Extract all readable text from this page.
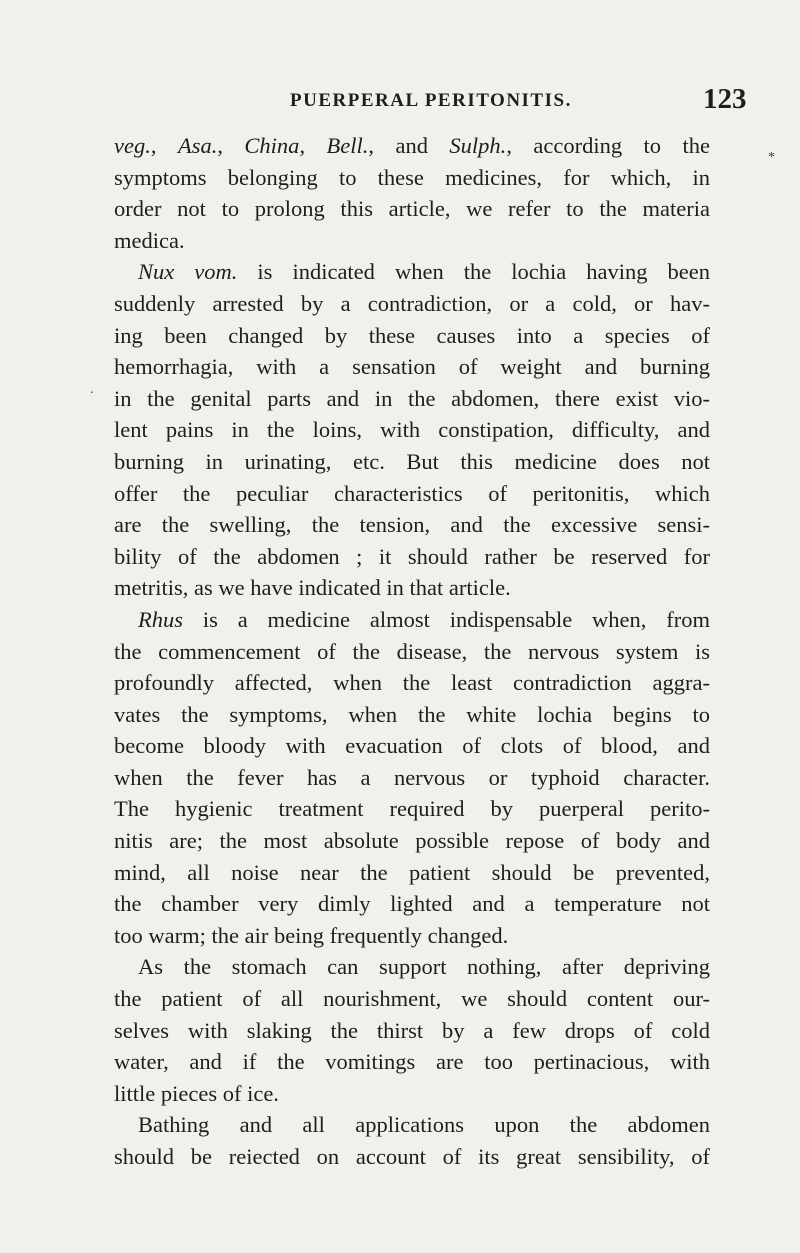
PUERPERAL PERITONITIS.	123
*
.
veg., Asa., China, Bell., and Sulph., according to the
symptoms belonging to these medicines, for which, in
order not to prolong this article, we refer to the materia
medica.
Nux vom. is indicated when the lochia having been
suddenly arrested by a contradiction, or a cold, or hav-
ing been changed by these causes into a species of
hemorrhagia, with a sensation of weight and burning
in the genital parts and in the abdomen, there exist vio-
lent pains in the loins, with constipation, difficulty, and
burning in urinating, etc. But this medicine does not
offer the peculiar characteristics of peritonitis, which
are the swelling, the tension, and the excessive sensi-
bility of the abdomen ; it should rather be reserved for
metritis, as we have indicated in that article.
Rhus is a medicine almost indispensable when, from
the commencement of the disease, the nervous system is
profoundly affected, when the least contradiction aggra-
vates the symptoms, when the white lochia begins to
become bloody with evacuation of clots of blood, and
when the fever has a nervous or typhoid character.
The hygienic treatment required by puerperal perito-
nitis are; the most absolute possible repose of body and
mind, all noise near the patient should be prevented,
the chamber very dimly lighted and a temperature not
too warm; the air being frequently changed.
As the stomach can support nothing, after depriving
the patient of all nourishment, we should content our-
selves with slaking the thirst by a few drops of cold
water, and if the vomitings are too pertinacious, with
little pieces of ice.
Bathing and all applications upon the abdomen
should be reiected on account of its great sensibility, of
